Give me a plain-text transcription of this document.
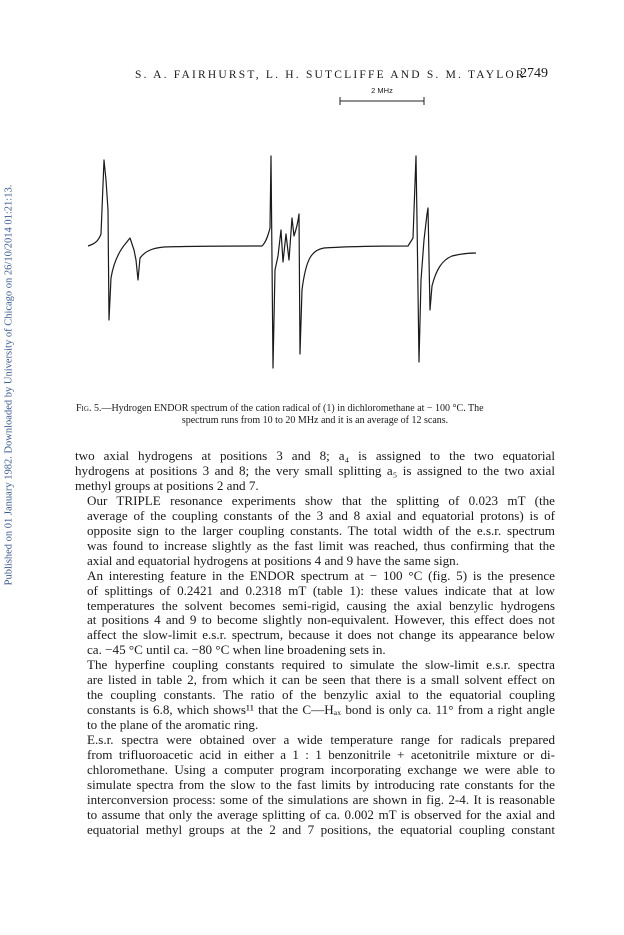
Published on 01 January 1982. Downloaded by University of Chicago on 26/10/2014 01:21:13.
S. A. FAIRHURST, L. H. SUTCLIFFE AND S. M. TAYLOR
2749
2 MHz
Fig. 5.—Hydrogen ENDOR spectrum of the cation radical of (1) in dichloromethane at − 100 °C. The
spectrum runs from 10 to 20 MHz and it is an average of 12 scans.

two axial hydrogens at positions 3 and 8; a₄ is assigned to the two equatorial
hydrogens at positions 3 and 8; the very small splitting a₅ is assigned to the two axial
methyl groups at positions 2 and 7.

Our TRIPLE resonance experiments show that the splitting of 0.023 mT (the
average of the coupling constants of the 3 and 8 axial and equatorial protons) is of
opposite sign to the larger coupling constants. The total width of the e.s.r. spectrum
was found to increase slightly as the fast limit was reached, thus confirming that the
axial and equatorial hydrogens at positions 4 and 9 have the same sign.

An interesting feature in the ENDOR spectrum at − 100 °C (fig. 5) is the presence
of splittings of 0.2421 and 0.2318 mT (table 1): these values indicate that at low
temperatures the solvent becomes semi-rigid, causing the axial benzylic hydrogens
at positions 4 and 9 to become slightly non-equivalent. However, this effect does not
affect the slow-limit e.s.r. spectrum, because it does not change its appearance below
ca. −45 °C until ca. −80 °C when line broadening sets in.

The hyperfine coupling constants required to simulate the slow-limit e.s.r. spectra
are listed in table 2, from which it can be seen that there is a small solvent effect on
the coupling constants. The ratio of the benzylic axial to the equatorial coupling
constants is 6.8, which shows¹¹ that the C—Hₐₓ bond is only ca. 11° from a right angle
to the plane of the aromatic ring.

E.s.r. spectra were obtained over a wide temperature range for radicals prepared
from trifluoroacetic acid in either a 1 : 1 benzonitrile + acetonitrile mixture or di-
chloromethane. Using a computer program incorporating exchange we were able to
simulate spectra from the slow to the fast limits by introducing rate constants for the
interconversion process: some of the simulations are shown in fig. 2-4. It is reasonable
to assume that only the average splitting of ca. 0.002 mT is observed for the axial and
equatorial methyl groups at the 2 and 7 positions, the equatorial coupling constant
